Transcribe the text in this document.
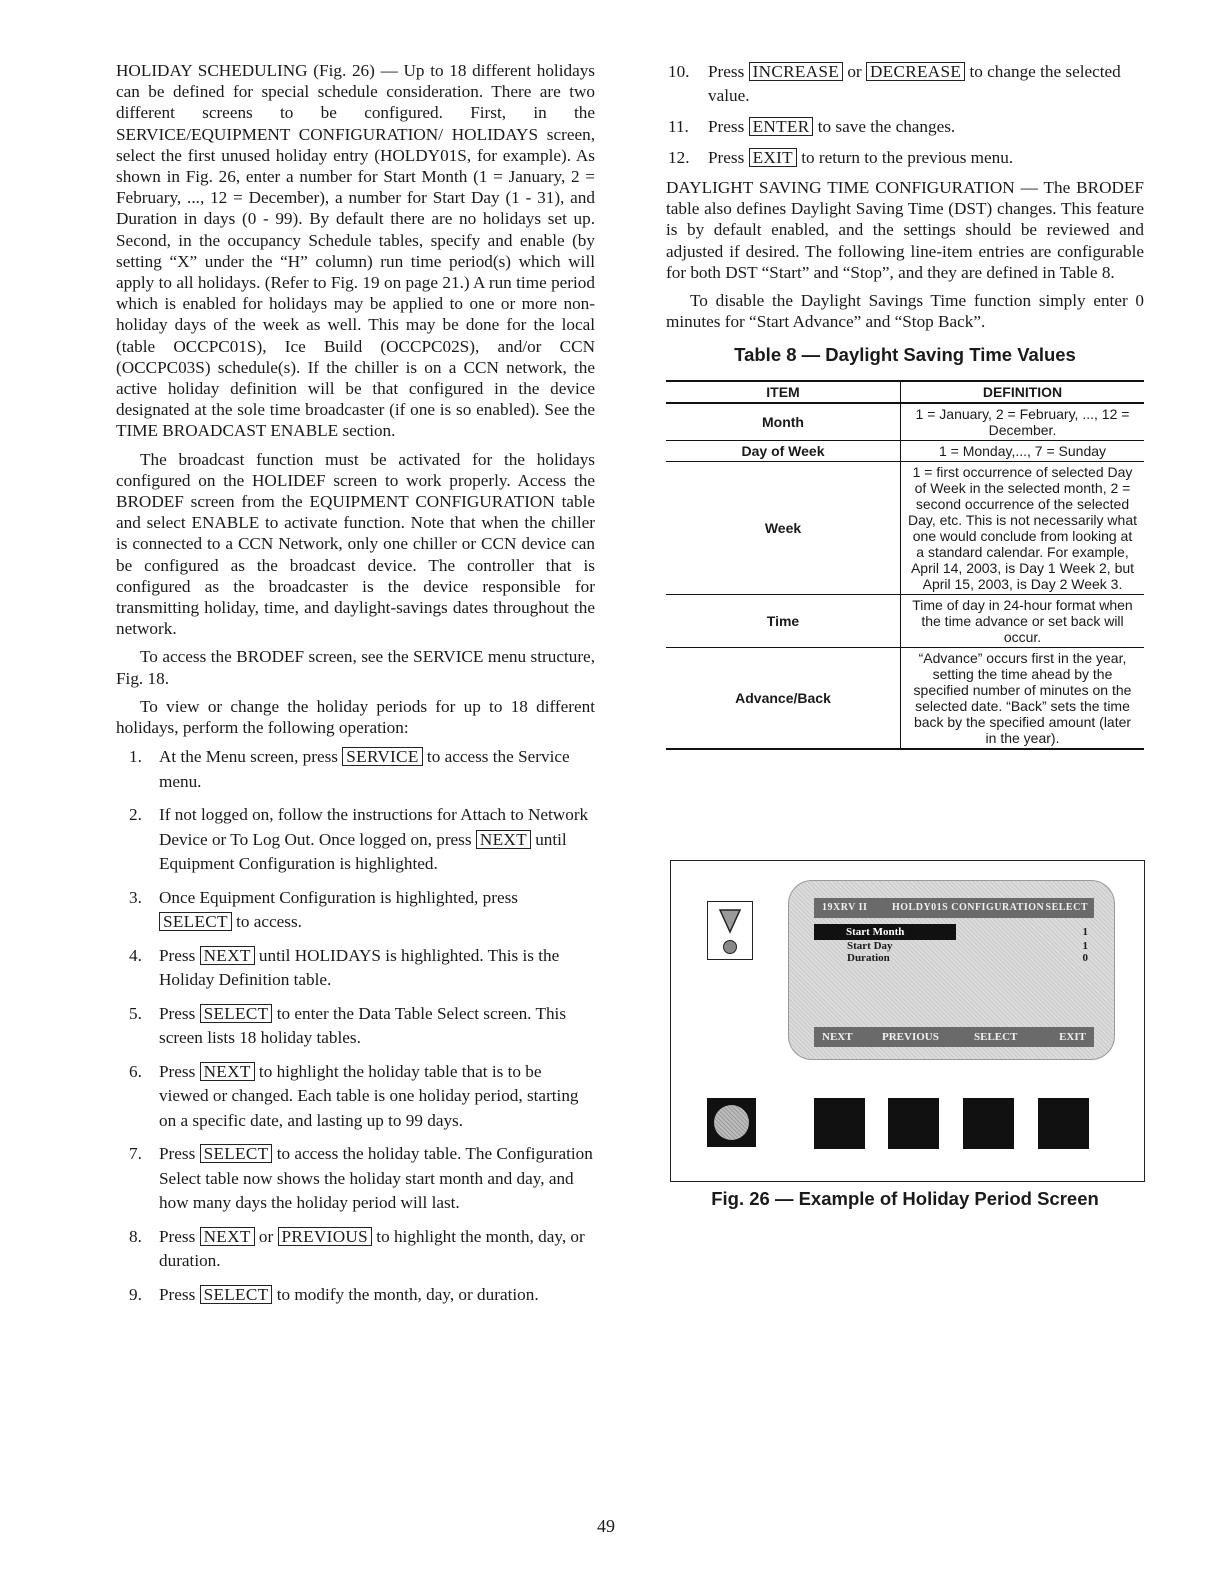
HOLIDAY SCHEDULING (Fig. 26) — Up to 18 different holidays can be defined for special schedule consideration. There are two different screens to be configured. First, in the SERVICE/EQUIPMENT CONFIGURATION/ HOLIDAYS screen, select the first unused holiday entry (HOLDY01S, for example). As shown in Fig. 26, enter a number for Start Month (1 = January, 2 = February, ..., 12 = December), a number for Start Day (1 - 31), and Duration in days (0 - 99). By default there are no holidays set up. Second, in the occupancy Schedule tables, specify and enable (by setting “X” under the “H” column) run time period(s) which will apply to all holidays. (Refer to Fig. 19 on page 21.) A run time period which is enabled for holidays may be applied to one or more non-holiday days of the week as well. This may be done for the local (table OCCPC01S), Ice Build (OCCPC02S), and/or CCN (OCCPC03S) schedule(s). If the chiller is on a CCN network, the active holiday definition will be that configured in the device designated at the sole time broadcaster (if one is so enabled). See the TIME BROADCAST ENABLE section.

The broadcast function must be activated for the holidays configured on the HOLIDEF screen to work properly. Access the BRODEF screen from the EQUIPMENT CONFIGURATION table and select ENABLE to activate function. Note that when the chiller is connected to a CCN Network, only one chiller or CCN device can be configured as the broadcast device. The controller that is configured as the broadcaster is the device responsible for transmitting holiday, time, and daylight-savings dates throughout the network.

To access the BRODEF screen, see the SERVICE menu structure, Fig. 18.

To view or change the holiday periods for up to 18 different holidays, perform the following operation:

1. At the Menu screen, press SERVICE to access the Service menu.
2. If not logged on, follow the instructions for Attach to Network Device or To Log Out. Once logged on, press NEXT until Equipment Configuration is highlighted.
3. Once Equipment Configuration is highlighted, press SELECT to access.
4. Press NEXT until HOLIDAYS is highlighted. This is the Holiday Definition table.
5. Press SELECT to enter the Data Table Select screen. This screen lists 18 holiday tables.
6. Press NEXT to highlight the holiday table that is to be viewed or changed. Each table is one holiday period, starting on a specific date, and lasting up to 99 days.
7. Press SELECT to access the holiday table. The Configuration Select table now shows the holiday start month and day, and how many days the holiday period will last.
8. Press NEXT or PREVIOUS to highlight the month, day, or duration.
9. Press SELECT to modify the month, day, or duration.
10. Press INCREASE or DECREASE to change the selected value.
11. Press ENTER to save the changes.
12. Press EXIT to return to the previous menu.

DAYLIGHT SAVING TIME CONFIGURATION — The BRODEF table also defines Daylight Saving Time (DST) changes. This feature is by default enabled, and the settings should be reviewed and adjusted if desired. The following line-item entries are configurable for both DST “Start” and “Stop”, and they are defined in Table 8.

To disable the Daylight Savings Time function simply enter 0 minutes for “Start Advance” and “Stop Back”.

Table 8 — Daylight Saving Time Values
ITEM	DEFINITION
Month	1 = January, 2 = February, ..., 12 = December.
Day of Week	1 = Monday,..., 7 = Sunday
Week	1 = first occurrence of selected Day of Week in the selected month, 2 = second occurrence of the selected Day, etc. This is not necessarily what one would conclude from looking at a standard calendar. For example, April 14, 2003, is Day 1 Week 2, but April 15, 2003, is Day 2 Week 3.
Time	Time of day in 24-hour format when the time advance or set back will occur.
Advance/Back	“Advance” occurs first in the year, setting the time ahead by the specified number of minutes on the selected date. “Back” sets the time back by the specified amount (later in the year).
19XRV II HOLDY01S CONFIGURATION SELECT
Start Month	1
Start Day	1
Duration	0
NEXT	PREVIOUS	SELECT	EXIT
Fig. 26 — Example of Holiday Period Screen
49
